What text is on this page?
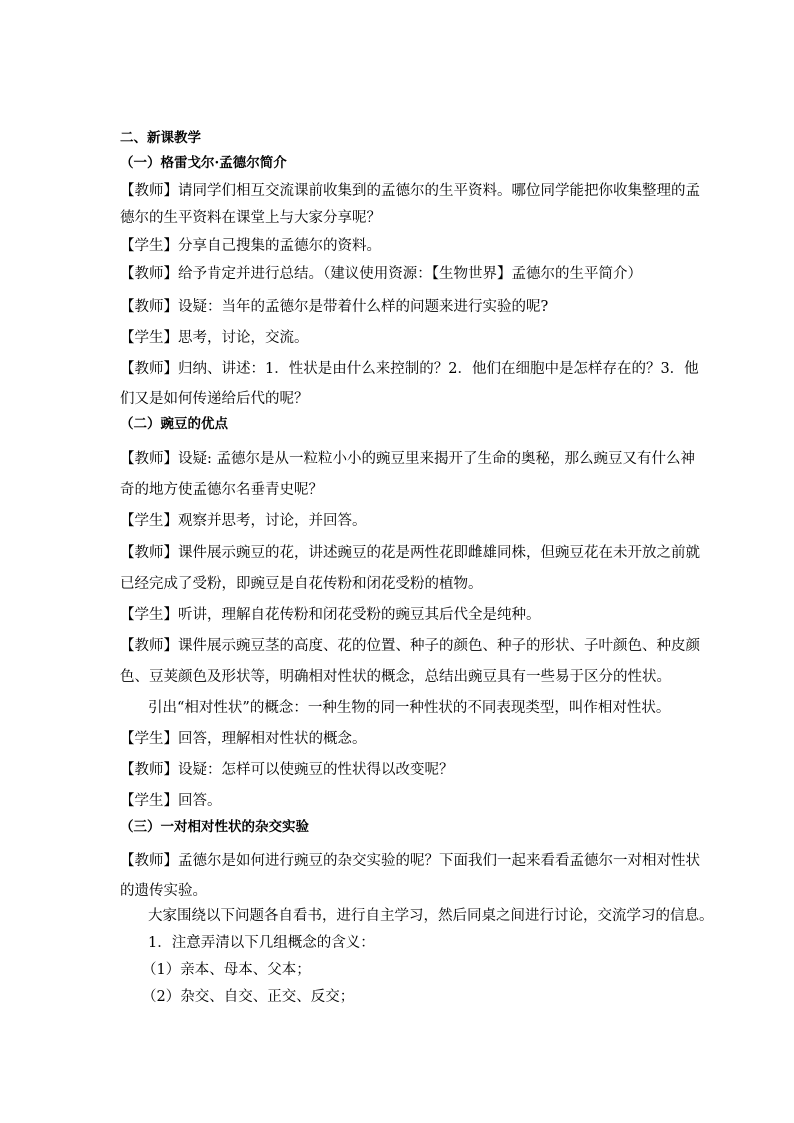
二、新课教学
（一）格雷戈尔·孟德尔简介
【教师】请同学们相互交流课前收集到的孟德尔的生平资料。哪位同学能把你收集整理的孟
德尔的生平资料在课堂上与大家分享呢？
【学生】分享自己搜集的孟德尔的资料。
【教师】给予肯定并进行总结。（建议使用资源：【生物世界】孟德尔的生平简介）
【教师】设疑：当年的孟德尔是带着什么样的问题来进行实验的呢?
【学生】思考，讨论，交流。
【教师】归纳、讲述：1．性状是由什么来控制的？2．他们在细胞中是怎样存在的？3．他
们又是如何传递给后代的呢？
（二）豌豆的优点
【教师】设疑: 孟德尔是从一粒粒小小的豌豆里来揭开了生命的奥秘，那么豌豆又有什么神
奇的地方使孟德尔名垂青史呢？
【学生】观察并思考，讨论，并回答。
【教师】课件展示豌豆的花，讲述豌豆的花是两性花即雌雄同株，但豌豆花在未开放之前就
已经完成了受粉，即豌豆是自花传粉和闭花受粉的植物。
【学生】听讲，理解自花传粉和闭花受粉的豌豆其后代全是纯种。
【教师】课件展示豌豆茎的高度、花的位置、种子的颜色、种子的形状、子叶颜色、种皮颜
色、豆荚颜色及形状等，明确相对性状的概念，总结出豌豆具有一些易于区分的性状。
引出“相对性状”的概念：一种生物的同一种性状的不同表现类型，叫作相对性状。
【学生】回答，理解相对性状的概念。
【教师】设疑：怎样可以使豌豆的性状得以改变呢？
【学生】回答。
（三）一对相对性状的杂交实验
【教师】孟德尔是如何进行豌豆的杂交实验的呢？下面我们一起来看看孟德尔一对相对性状
的遗传实验。
大家围绕以下问题各自看书，进行自主学习，然后同桌之间进行讨论，交流学习的信息。
1．注意弄清以下几组概念的含义：
（1）亲本、母本、父本；
（2）杂交、自交、正交、反交；
